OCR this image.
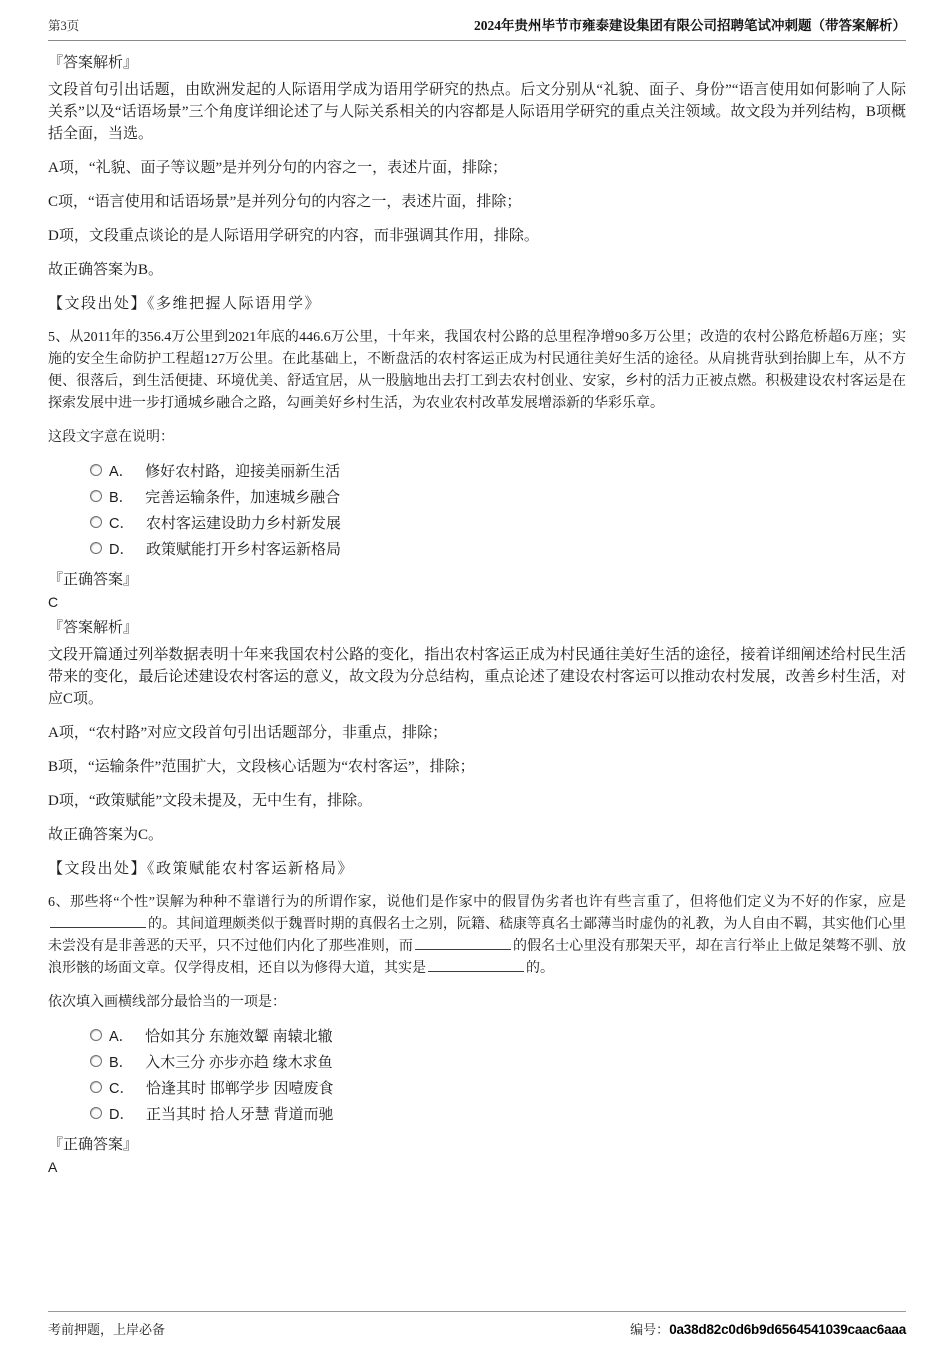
第3页	2024年贵州毕节市雍泰建设集团有限公司招聘笔试冲刺题（带答案解析）

『答案解析』

文段首句引出话题，由欧洲发起的人际语用学成为语用学研究的热点。后文分别从“礼貌、面子、身份”“语言使用如何影响了人际关系”以及“话语场景”三个角度详细论述了与人际关系相关的内容都是人际语用学研究的重点关注领域。故文段为并列结构，B项概括全面，当选。

A项，“礼貌、面子等议题”是并列分句的内容之一，表述片面，排除；

C项，“语言使用和话语场景”是并列分句的内容之一，表述片面，排除；

D项，文段重点谈论的是人际语用学研究的内容，而非强调其作用，排除。

故正确答案为B。

【文段出处】《多维把握人际语用学》

5、从2011年的356.4万公里到2021年底的446.6万公里，十年来，我国农村公路的总里程净增90多万公里；改造的农村公路危桥超6万座；实施的安全生命防护工程超127万公里。在此基础上，不断盘活的农村客运正成为村民通往美好生活的途径。从肩挑背驮到抬脚上车，从不方便、很落后，到生活便捷、环境优美、舒适宜居，从一股脑地出去打工到去农村创业、安家，乡村的活力正被点燃。积极建设农村客运是在探索发展中进一步打通城乡融合之路，勾画美好乡村生活，为农业农村改革发展增添新的华彩乐章。

这段文字意在说明：

A． 修好农村路，迎接美丽新生活
B． 完善运输条件，加速城乡融合
C． 农村客运建设助力乡村新发展
D． 政策赋能打开乡村客运新格局

『正确答案』

C

『答案解析』

文段开篇通过列举数据表明十年来我国农村公路的变化，指出农村客运正成为村民通往美好生活的途径，接着详细阐述给村民生活带来的变化，最后论述建设农村客运的意义，故文段为分总结构，重点论述了建设农村客运可以推动农村发展，改善乡村生活，对应C项。

A项，“农村路”对应文段首句引出话题部分，非重点，排除；

B项，“运输条件”范围扩大，文段核心话题为“农村客运”，排除；

D项，“政策赋能”文段未提及，无中生有，排除。

故正确答案为C。

【文段出处】《政策赋能农村客运新格局》

6、那些将“个性”误解为种种不靠谱行为的所谓作家，说他们是作家中的假冒伪劣者也许有些言重了，但将他们定义为不好的作家，应是的。其间道理颇类似于魏晋时期的真假名士之别，阮籍、嵇康等真名士鄙薄当时虚伪的礼教，为人自由不羁，其实他们心里未尝没有是非善恶的天平，只不过他们内化了那些准则，而	的假名士心里没有那架天平，却在言行举止上做足桀骜不驯、放浪形骸的场面文章。仅学得皮相，还自以为修得大道，其实是	的。

依次填入画横线部分最恰当的一项是：

A． 恰如其分 东施效颦 南辕北辙
B． 入木三分 亦步亦趋 缘木求鱼
C． 恰逢其时 邯郸学步 因噎废食
D． 正当其时 拾人牙慧 背道而驰

『正确答案』

A

考前押题，上岸必备	编号：0a38d82c0d6b9d6564541039caac6aaa
